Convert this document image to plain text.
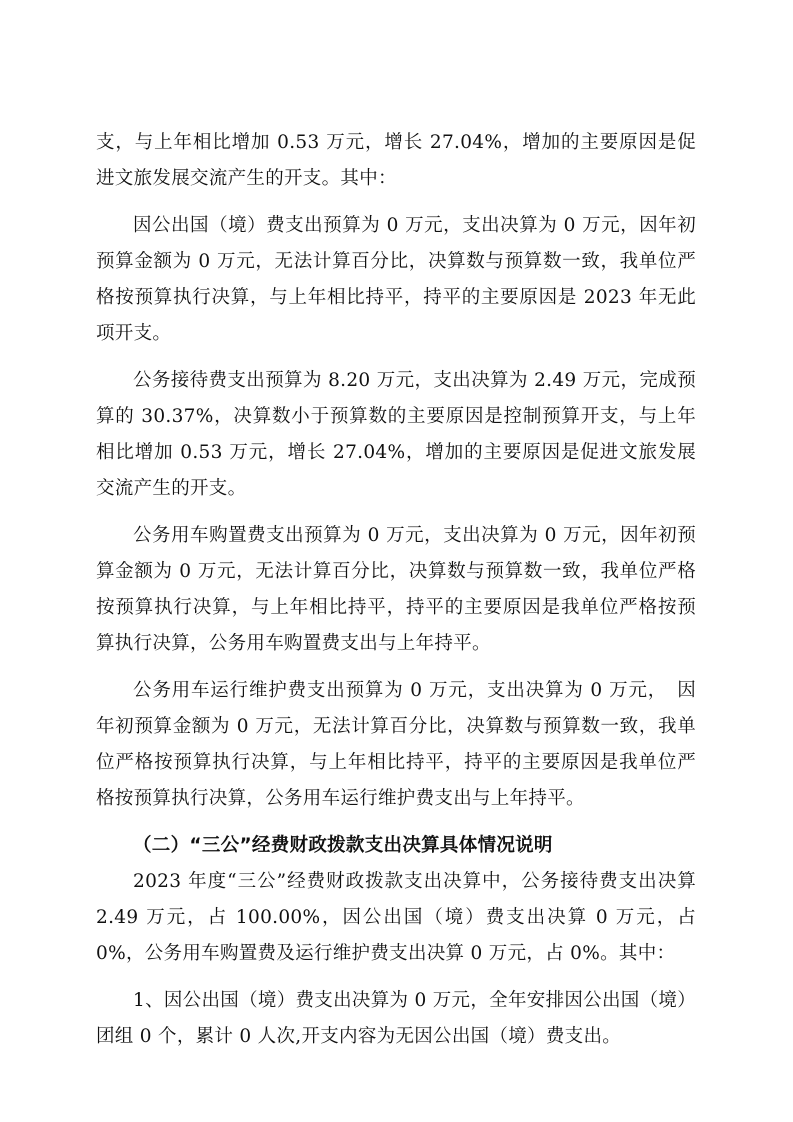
支，与上年相比增加 0.53 万元，增长 27.04%，增加的主要原因是促进文旅发展交流产生的开支。其中：

因公出国（境）费支出预算为 0 万元，支出决算为 0 万元，因年初预算金额为 0 万元，无法计算百分比，决算数与预算数一致，我单位严格按预算执行决算，与上年相比持平，持平的主要原因是 2023 年无此项开支。

公务接待费支出预算为 8.20 万元，支出决算为 2.49 万元，完成预算的 30.37%，决算数小于预算数的主要原因是控制预算开支，与上年相比增加 0.53 万元，增长 27.04%，增加的主要原因是促进文旅发展交流产生的开支。

公务用车购置费支出预算为 0 万元，支出决算为 0 万元，因年初预算金额为 0 万元，无法计算百分比，决算数与预算数一致，我单位严格按预算执行决算，与上年相比持平，持平的主要原因是我单位严格按预算执行决算，公务用车购置费支出与上年持平。

公务用车运行维护费支出预算为 0 万元，支出决算为 0 万元，　因年初预算金额为 0 万元，无法计算百分比，决算数与预算数一致，我单位严格按预算执行决算，与上年相比持平，持平的主要原因是我单位严格按预算执行决算，公务用车运行维护费支出与上年持平。

（二）“三公”经费财政拨款支出决算具体情况说明

2023 年度“三公”经费财政拨款支出决算中，公务接待费支出决算 2.49 万元，占 100.00%，因公出国（境）费支出决算 0 万元，占 0%，公务用车购置费及运行维护费支出决算 0 万元，占 0%。其中：

1、因公出国（境）费支出决算为 0 万元，全年安排因公出国（境）团组 0 个，累计 0 人次,开支内容为无因公出国（境）费支出。
